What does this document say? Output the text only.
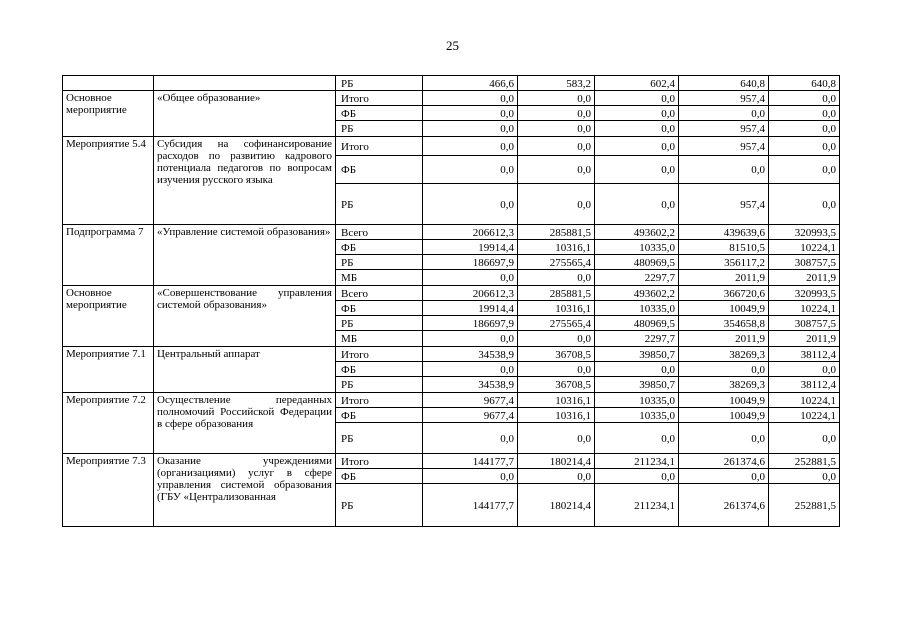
25
		РБ	466,6	583,2	602,4	640,8	640,8
Основное мероприятие	«Общее образование»	Итого	0,0	0,0	0,0	957,4	0,0
		ФБ	0,0	0,0	0,0	0,0	0,0
		РБ	0,0	0,0	0,0	957,4	0,0
Мероприятие 5.4	Субсидия на софинансирование расходов по развитию кадрового потенциала педагогов по вопросам изучения русского языка	Итого	0,0	0,0	0,0	957,4	0,0
		ФБ	0,0	0,0	0,0	0,0	0,0
		РБ	0,0	0,0	0,0	957,4	0,0
Подпрограмма 7	«Управление системой образования»	Всего	206612,3	285881,5	493602,2	439639,6	320993,5
		ФБ	19914,4	10316,1	10335,0	81510,5	10224,1
		РБ	186697,9	275565,4	480969,5	356117,2	308757,5
		МБ	0,0	0,0	2297,7	2011,9	2011,9
Основное мероприятие	«Совершенствование управления системой образования»	Всего	206612,3	285881,5	493602,2	366720,6	320993,5
		ФБ	19914,4	10316,1	10335,0	10049,9	10224,1
		РБ	186697,9	275565,4	480969,5	354658,8	308757,5
		МБ	0,0	0,0	2297,7	2011,9	2011,9
Мероприятие 7.1	Центральный аппарат	Итого	34538,9	36708,5	39850,7	38269,3	38112,4
		ФБ	0,0	0,0	0,0	0,0	0,0
		РБ	34538,9	36708,5	39850,7	38269,3	38112,4
Мероприятие 7.2	Осуществление переданных полномочий Российской Федерации в сфере образования	Итого	9677,4	10316,1	10335,0	10049,9	10224,1
		ФБ	9677,4	10316,1	10335,0	10049,9	10224,1
		РБ	0,0	0,0	0,0	0,0	0,0
Мероприятие 7.3	Оказание учреждениями (организациями) услуг в сфере управления системой образования (ГБУ «Централизованная	Итого	144177,7	180214,4	211234,1	261374,6	252881,5
		ФБ	0,0	0,0	0,0	0,0	0,0
		РБ	144177,7	180214,4	211234,1	261374,6	252881,5
